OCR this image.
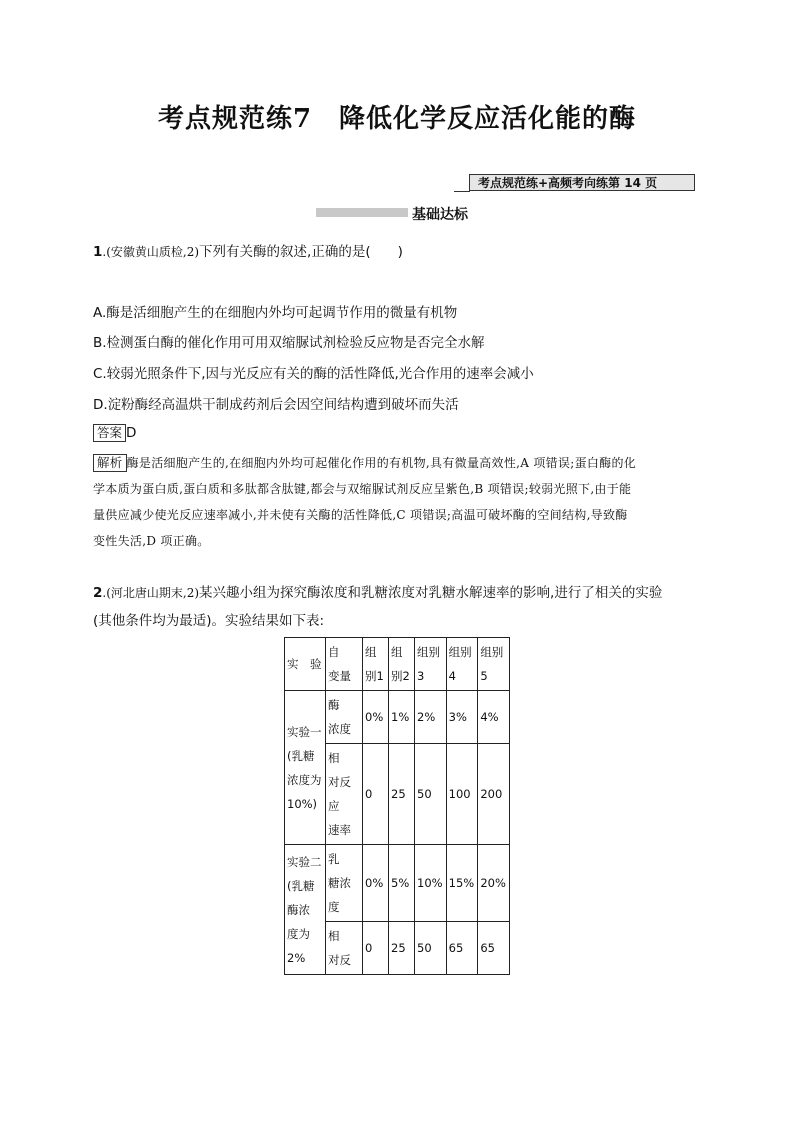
考点规范练7　降低化学反应活化能的酶
考点规范练+高频考向练第 14 页
基础达标
1.(安徽黄山质检,2)下列有关酶的叙述,正确的是(　　)
A.酶是活细胞产生的在细胞内外均可起调节作用的微量有机物
B.检测蛋白酶的催化作用可用双缩脲试剂检验反应物是否完全水解
C.较弱光照条件下,因与光反应有关的酶的活性降低,光合作用的速率会减小
D.淀粉酶经高温烘干制成药剂后会因空间结构遭到破坏而失活
答案 D
解析 酶是活细胞产生的,在细胞内外均可起催化作用的有机物,具有微量高效性,A 项错误;蛋白酶的化
学本质为蛋白质,蛋白质和多肽都含肽键,都会与双缩脲试剂反应呈紫色,B 项错误;较弱光照下,由于能
量供应减少使光反应速率减小,并未使有关酶的活性降低,C 项错误;高温可破坏酶的空间结构,导致酶
变性失活,D 项正确。
2.(河北唐山期末,2)某兴趣小组为探究酶浓度和乳糖浓度对乳糖水解速率的影响,进行了相关的实验
(其他条件均为最适)。实验结果如下表:
实　验	自　变量	组别1	组别2	组别3	组别4	组别5
实验一(乳糖浓度为10%)	酶　浓度	0%	1%	2%	3%	4%
	相　对反　应　速率	0	25	50	100	200
实验二(乳糖酶浓　度为2%	乳　糖浓度	0%	5%	10%	15%	20%
	相　对反	0	25	50	65	65
